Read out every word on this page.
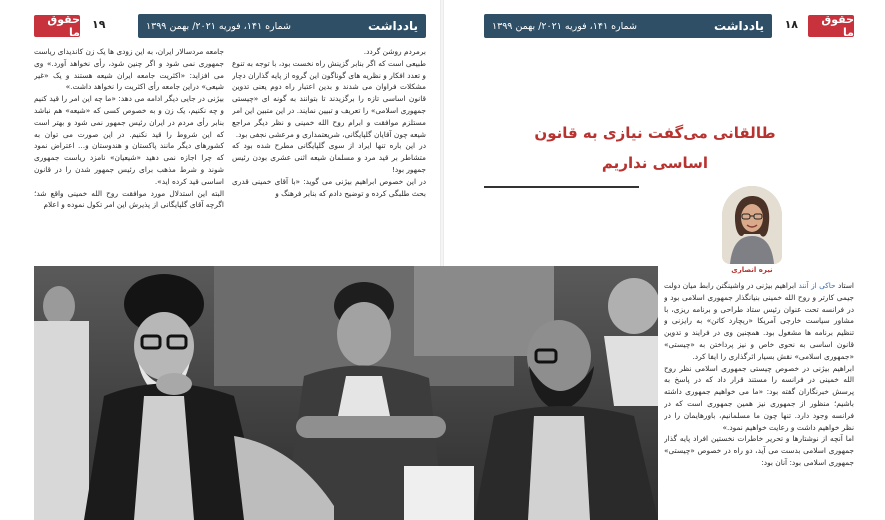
یادداشت
شماره ۱۴۱، فوریه ۲۰۲۱/ بهمن ۱۳۹۹
۱۹
حقوق ما

جامعه مردسالار ایران، به این زودی ها یک زن کاندیدای ریاست جمهوری نمی شود و اگر چنین شود، رأی نخواهد آورد.» وی می افزاید: «اکثریت جامعه ایران شیعه هستند و یک «غیر شیعی» دراین جامعه رأی اکثریت را نخواهد داشت.»

بیژنی در جایی دیگر ادامه می دهد: «ما چه این امر را قید کنیم و چه نکنیم، یک زن و به خصوص کسی که «شیعه» هم نباشد بنابر رأی مردم در ایران رئیس جمهور نمی شود و بهتر است که این شروط را قید نکنیم. در این صورت می توان به کشورهای دیگر مانند پاکستان و هندوستان و... اعتراض نمود که چرا اجازه نمی دهید «شیعیان» نامزد ریاست جمهوری شوند و شرط مذهب برای رئیس جمهور شدن را در قانون اساسی قید کرده اید».

البته این استدلال مورد موافقت روح الله خمینی واقع شد؛ اگرچه آقای گلپایگانی از پذیرش این امر تکول نموده و اعلام

برمردم روشن گردد.

طبیعی است که اگر بنابر گزینش راه نخست بود، با توجه به تنوع و تعدد افکار و نظریه های گوناگون این گروه از پایه گذاران دچار مشکلات فراوان می شدند و بدین اعتبار راه دوم یعنی تدوین قانون اساسی تازه را برگزیدند تا بتوانند به گونه ای «چیستی جمهوری اسلامی» را تعریف و تبیین نمایند. در این متبین این امر مستلزم موافقت و ابرام روح الله خمینی و نظر دیگر مراجع شیعه چون آقایان گلپایگانی، شریعتمداری و مرعشی نجفی بود.

در این باره تنها ایراد از سوی گلپایگانی مطرح شده بود که متشاطر بر قید مرد و مسلمان شیعه اثنی عشری بودن رئیس جمهور بود!

در این خصوص ابراهیم بیژنی می گوید: «با آقای خمینی قدری بحث طلبگی کرده و توضیح دادم که بنابر فرهنگ و

یادداشت
شماره ۱۴۱، فوریه ۲۰۲۱/ بهمن ۱۳۹۹	۱۸	حقوق ما
طالقانی می‌گفت نیازی به قانون
اساسی نداریم
نیره انصاری

استاد حاکی از آنند ابراهیم بیژنی در واشینگتن رابط میان دولت جیمی کارتر و روح الله خمینی بنیانگذار جمهوری اسلامی بود و در فرانسه تحت عنوان رئیس ستاد طراحی و برنامه ریزی، با مشاور سیاست خارجی آمریکا «ریچارد کاتن» به رایزنی و تنظیم برنامه ها مشغول بود. همچنین وی در فرایند و تدوین قانون اساسی به نحوی خاص و نیز پرداختن به «چیستی» «جمهوری اسلامی» نقش بسیار اثرگذاری را ایفا کرد.

ابراهیم بیژنی در خصوص چیستی جمهوری اسلامی نظر روح الله خمینی در فرانسه را مستند قرار داد که در پاسخ به پرسش خبرنگاران گفته بود: «ما می خواهیم جمهوری داشته باشیم؛ منظور از جمهوری نیز همین جمهوری است که در فرانسه وجود دارد. تنها چون ما مسلمانیم، باورهایمان را در نظر خواهیم داشت و رعایت خواهیم نمود.»

اما آنچه از نوشتارها و تحریر خاطرات نخستین افراد پایه گذار جمهوری اسلامی بدست می آید، دو راه در خصوص «چیستی» جمهوری اسلامی بود: آنان بود:
